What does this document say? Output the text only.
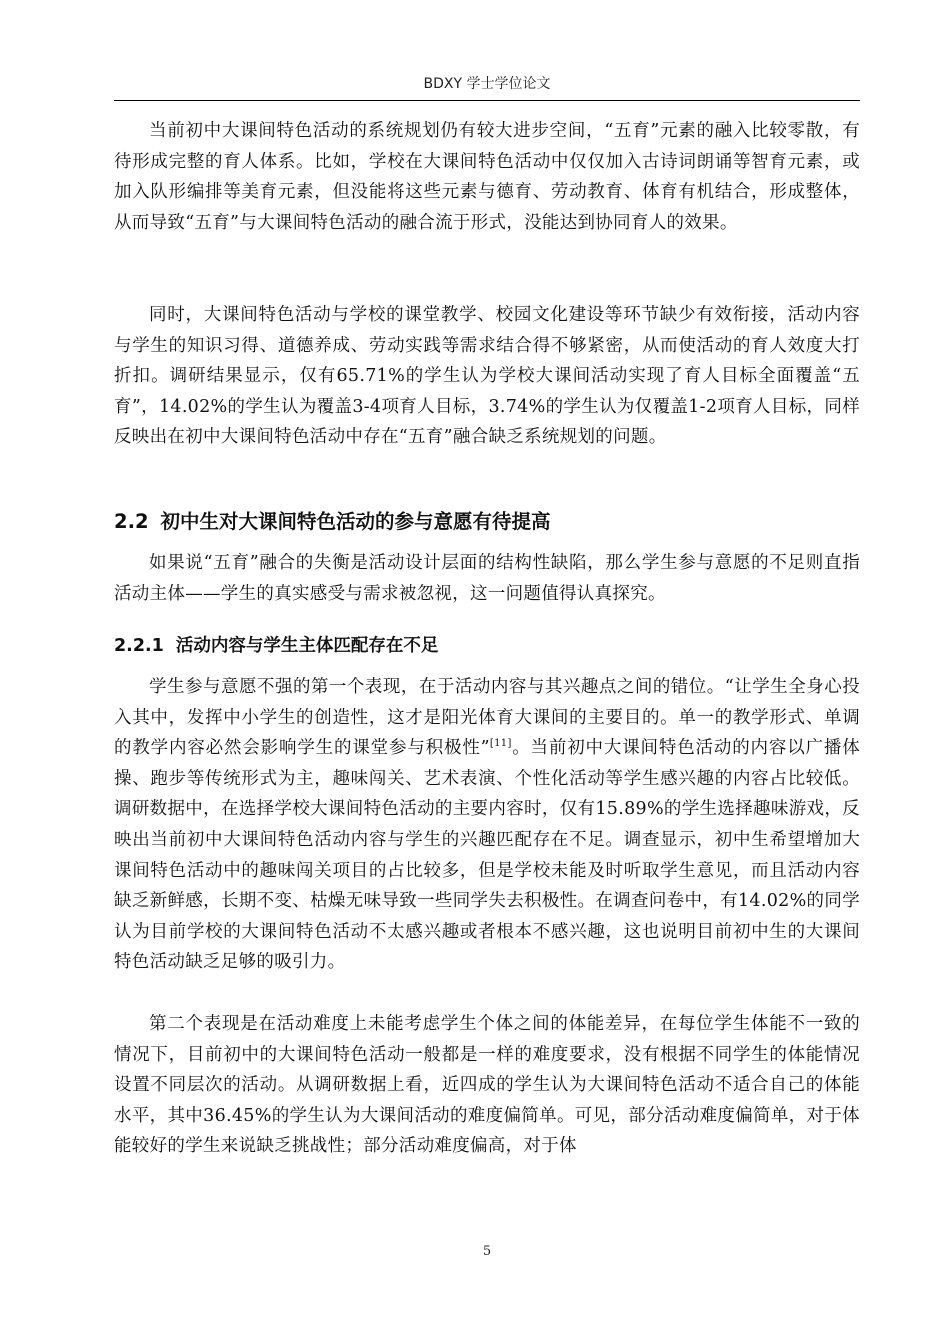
BDXY 学士学位论文

当前初中大课间特色活动的系统规划仍有较大进步空间，“五育”元素的融入比较零散，有待形成完整的育人体系。比如，学校在大课间特色活动中仅仅加入古诗词朗诵等智育元素，或加入队形编排等美育元素，但没能将这些元素与德育、劳动教育、体育有机结合，形成整体，从而导致“五育”与大课间特色活动的融合流于形式，没能达到协同育人的效果。

同时，大课间特色活动与学校的课堂教学、校园文化建设等环节缺少有效衔接，活动内容与学生的知识习得、道德养成、劳动实践等需求结合得不够紧密，从而使活动的育人效度大打折扣。调研结果显示，仅有65.71%的学生认为学校大课间活动实现了育人目标全面覆盖“五育”，14.02%的学生认为覆盖3-4项育人目标，3.74%的学生认为仅覆盖1-2项育人目标，同样反映出在初中大课间特色活动中存在“五育”融合缺乏系统规划的问题。

2.2 初中生对大课间特色活动的参与意愿有待提高

如果说“五育”融合的失衡是活动设计层面的结构性缺陷，那么学生参与意愿的不足则直指活动主体——学生的真实感受与需求被忽视，这一问题值得认真探究。

2.2.1 活动内容与学生主体匹配存在不足

学生参与意愿不强的第一个表现，在于活动内容与其兴趣点之间的错位。“让学生全身心投入其中，发挥中小学生的创造性，这才是阳光体育大课间的主要目的。单一的教学形式、单调的教学内容必然会影响学生的课堂参与积极性”[11]。当前初中大课间特色活动的内容以广播体操、跑步等传统形式为主，趣味闯关、艺术表演、个性化活动等学生感兴趣的内容占比较低。调研数据中，在选择学校大课间特色活动的主要内容时，仅有15.89%的学生选择趣味游戏，反映出当前初中大课间特色活动内容与学生的兴趣匹配存在不足。调查显示，初中生希望增加大课间特色活动中的趣味闯关项目的占比较多，但是学校未能及时听取学生意见，而且活动内容缺乏新鲜感，长期不变、枯燥无味导致一些同学失去积极性。在调查问卷中，有14.02%的同学认为目前学校的大课间特色活动不太感兴趣或者根本不感兴趣，这也说明目前初中生的大课间特色活动缺乏足够的吸引力。

第二个表现是在活动难度上未能考虑学生个体之间的体能差异，在每位学生体能不一致的情况下，目前初中的大课间特色活动一般都是一样的难度要求，没有根据不同学生的体能情况设置不同层次的活动。从调研数据上看，近四成的学生认为大课间特色活动不适合自己的体能水平，其中36.45%的学生认为大课间活动的难度偏简单。可见，部分活动难度偏简单，对于体能较好的学生来说缺乏挑战性；部分活动难度偏高，对于体

5
